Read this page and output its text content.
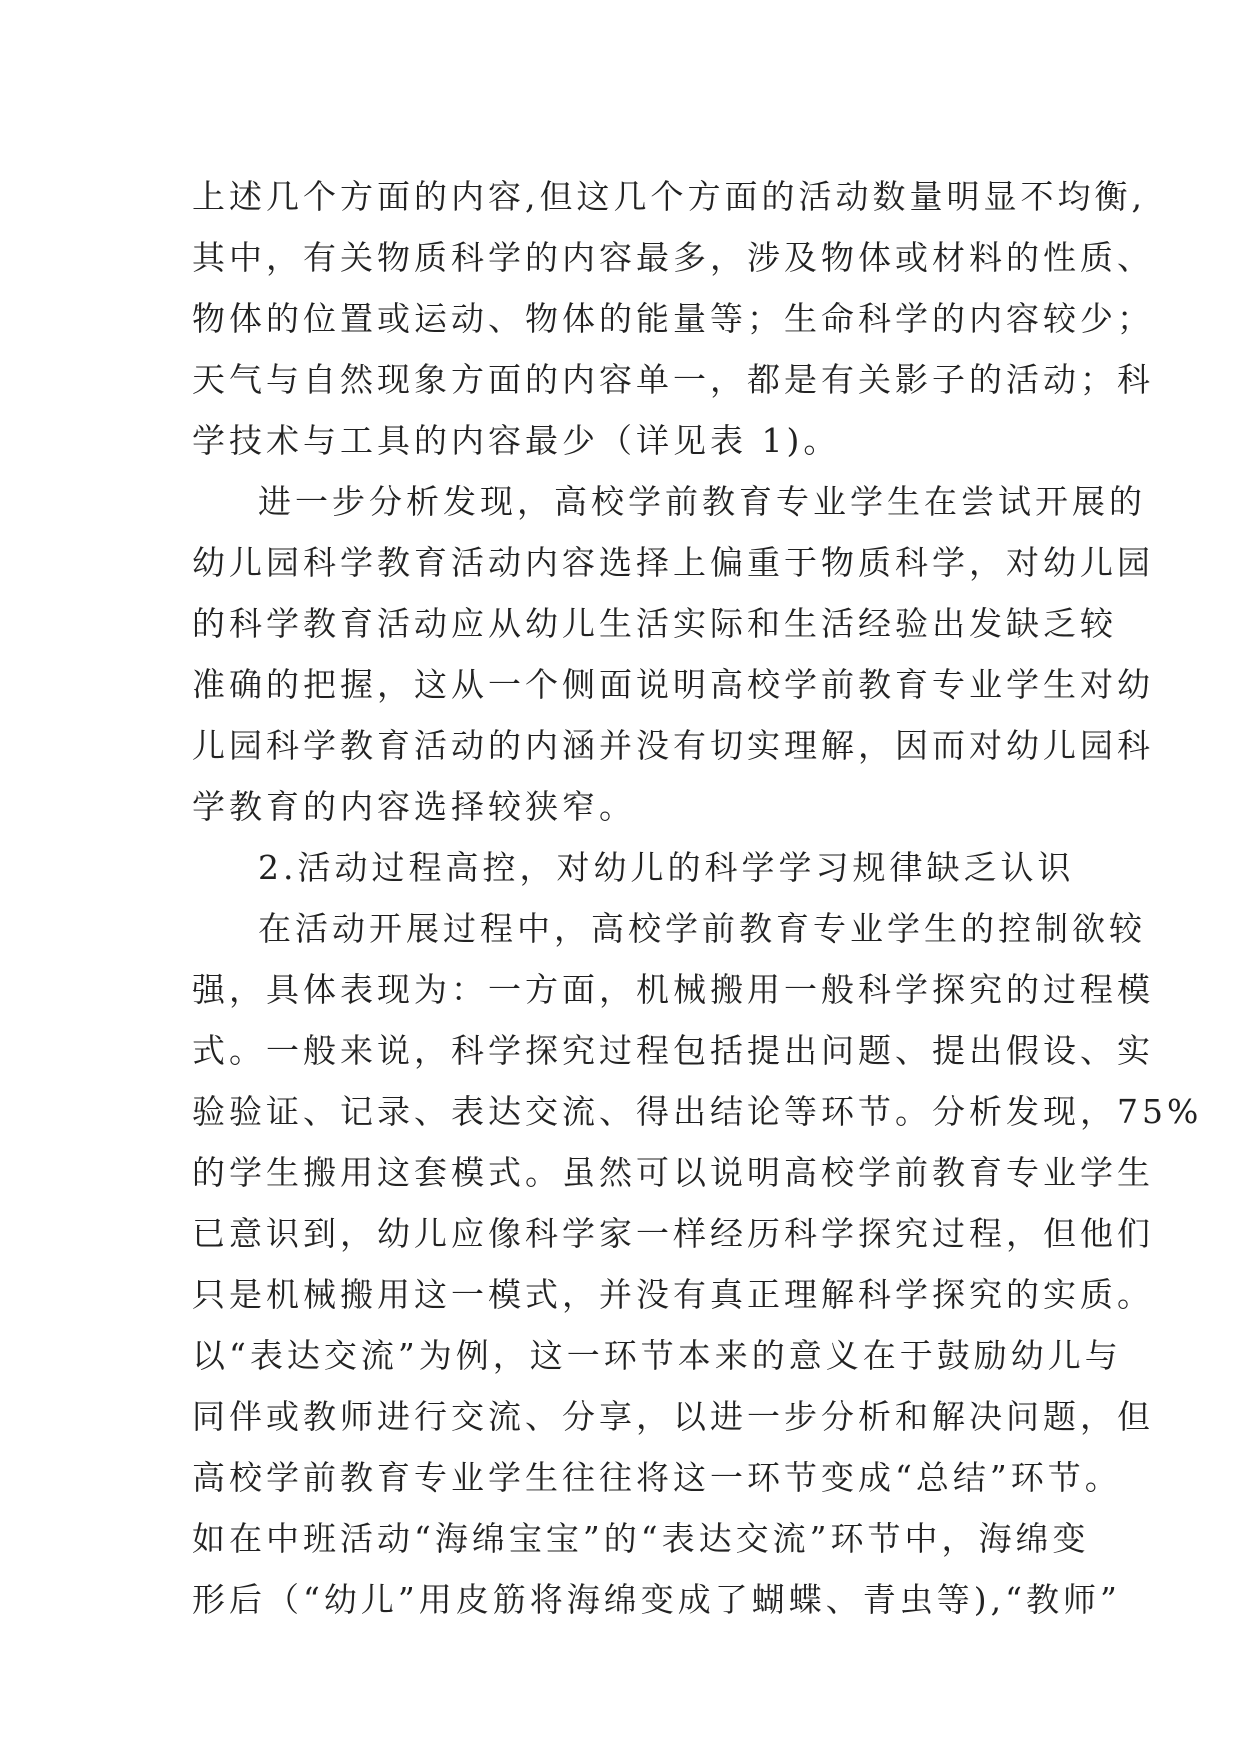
上述几个方面的内容,但这几个方面的活动数量明显不均衡,
其中，有关物质科学的内容最多，涉及物体或材料的性质、
物体的位置或运动、物体的能量等；生命科学的内容较少；
天气与自然现象方面的内容单一，都是有关影子的活动；科
学技术与工具的内容最少（详见表 1)。
进一步分析发现，高校学前教育专业学生在尝试开展的
幼儿园科学教育活动内容选择上偏重于物质科学，对幼儿园
的科学教育活动应从幼儿生活实际和生活经验出发缺乏较
准确的把握，这从一个侧面说明高校学前教育专业学生对幼
儿园科学教育活动的内涵并没有切实理解，因而对幼儿园科
学教育的内容选择较狭窄。
2.活动过程高控，对幼儿的科学学习规律缺乏认识
在活动开展过程中，高校学前教育专业学生的控制欲较
强，具体表现为：一方面，机械搬用一般科学探究的过程模
式。一般来说，科学探究过程包括提出问题、提出假设、实
验验证、记录、表达交流、得出结论等环节。分析发现，75%
的学生搬用这套模式。虽然可以说明高校学前教育专业学生
已意识到，幼儿应像科学家一样经历科学探究过程，但他们
只是机械搬用这一模式，并没有真正理解科学探究的实质。
以“表达交流”为例，这一环节本来的意义在于鼓励幼儿与
同伴或教师进行交流、分享，以进一步分析和解决问题，但
高校学前教育专业学生往往将这一环节变成“总结”环节。
如在中班活动“海绵宝宝”的“表达交流”环节中，海绵变
形后（“幼儿”用皮筋将海绵变成了蝴蝶、青虫等),“教师”
